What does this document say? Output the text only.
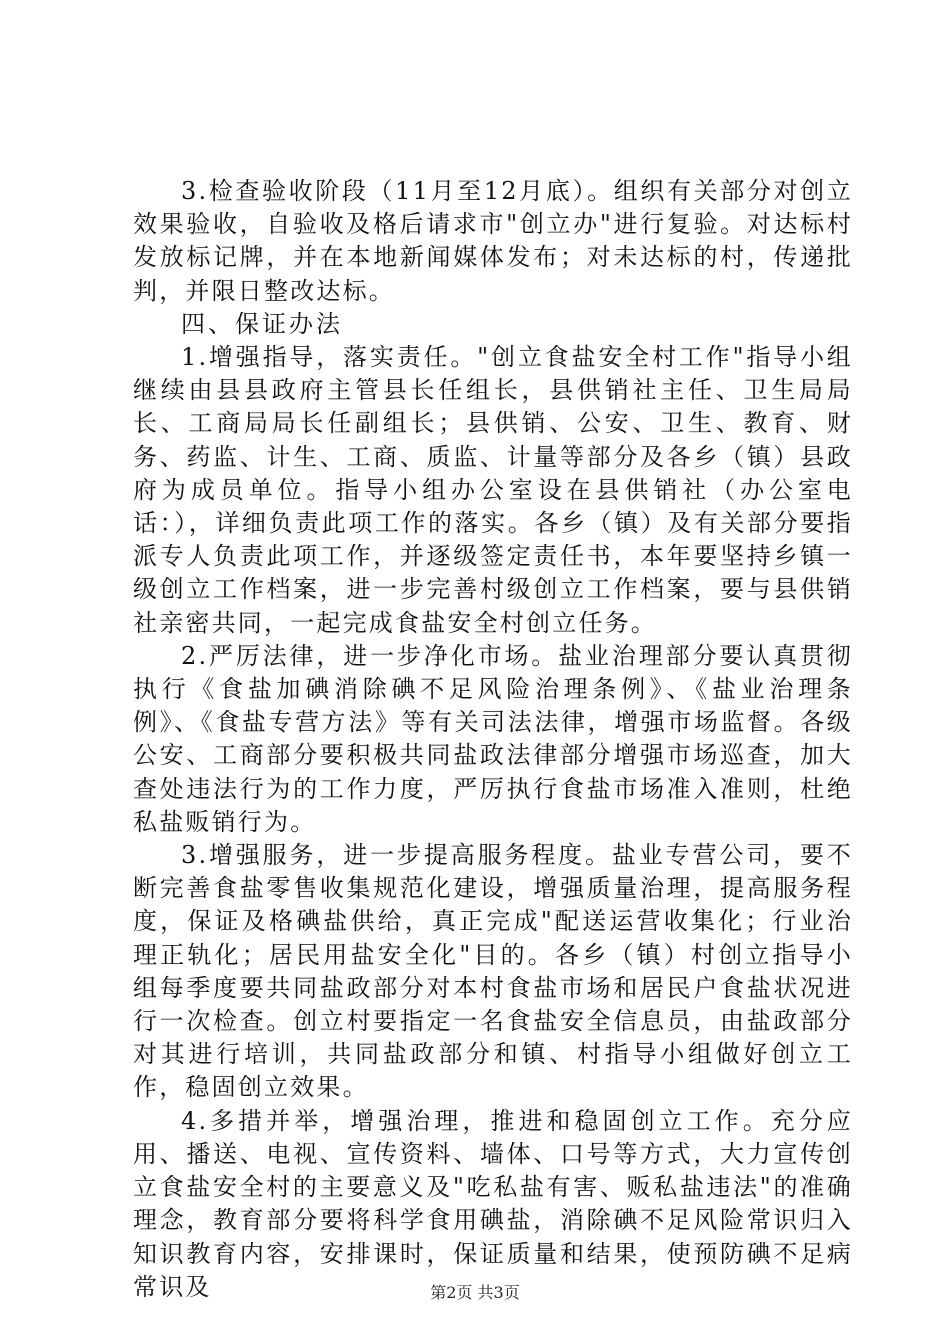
3.检查验收阶段（11月至12月底）。组织有关部分对创立效果验收，自验收及格后请求市"创立办"进行复验。对达标村发放标记牌，并在本地新闻媒体发布；对未达标的村，传递批判，并限日整改达标。

四、保证办法

1.增强指导，落实责任。"创立食盐安全村工作"指导小组继续由县县政府主管县长任组长，县供销社主任、卫生局局长、工商局局长任副组长；县供销、公安、卫生、教育、财务、药监、计生、工商、质监、计量等部分及各乡（镇）县政府为成员单位。指导小组办公室设在县供销社（办公室电话：），详细负责此项工作的落实。各乡（镇）及有关部分要指派专人负责此项工作，并逐级签定责任书，本年要坚持乡镇一级创立工作档案，进一步完善村级创立工作档案，要与县供销社亲密共同，一起完成食盐安全村创立任务。

2.严厉法律，进一步净化市场。盐业治理部分要认真贯彻执行《食盐加碘消除碘不足风险治理条例》、《盐业治理条例》、《食盐专营方法》等有关司法法律，增强市场监督。各级公安、工商部分要积极共同盐政法律部分增强市场巡查，加大查处违法行为的工作力度，严厉执行食盐市场准入准则，杜绝私盐贩销行为。

3.增强服务，进一步提高服务程度。盐业专营公司，要不断完善食盐零售收集规范化建设，增强质量治理，提高服务程度，保证及格碘盐供给，真正完成"配送运营收集化；行业治理正轨化；居民用盐安全化"目的。各乡（镇）村创立指导小组每季度要共同盐政部分对本村食盐市场和居民户食盐状况进行一次检查。创立村要指定一名食盐安全信息员，由盐政部分对其进行培训，共同盐政部分和镇、村指导小组做好创立工作，稳固创立效果。

4.多措并举，增强治理，推进和稳固创立工作。充分应用、播送、电视、宣传资料、墙体、口号等方式，大力宣传创立食盐安全村的主要意义及"吃私盐有害、贩私盐违法"的准确理念，教育部分要将科学食用碘盐，消除碘不足风险常识归入知识教育内容，安排课时，保证质量和结果，使预防碘不足病常识及	第2页 共3页
